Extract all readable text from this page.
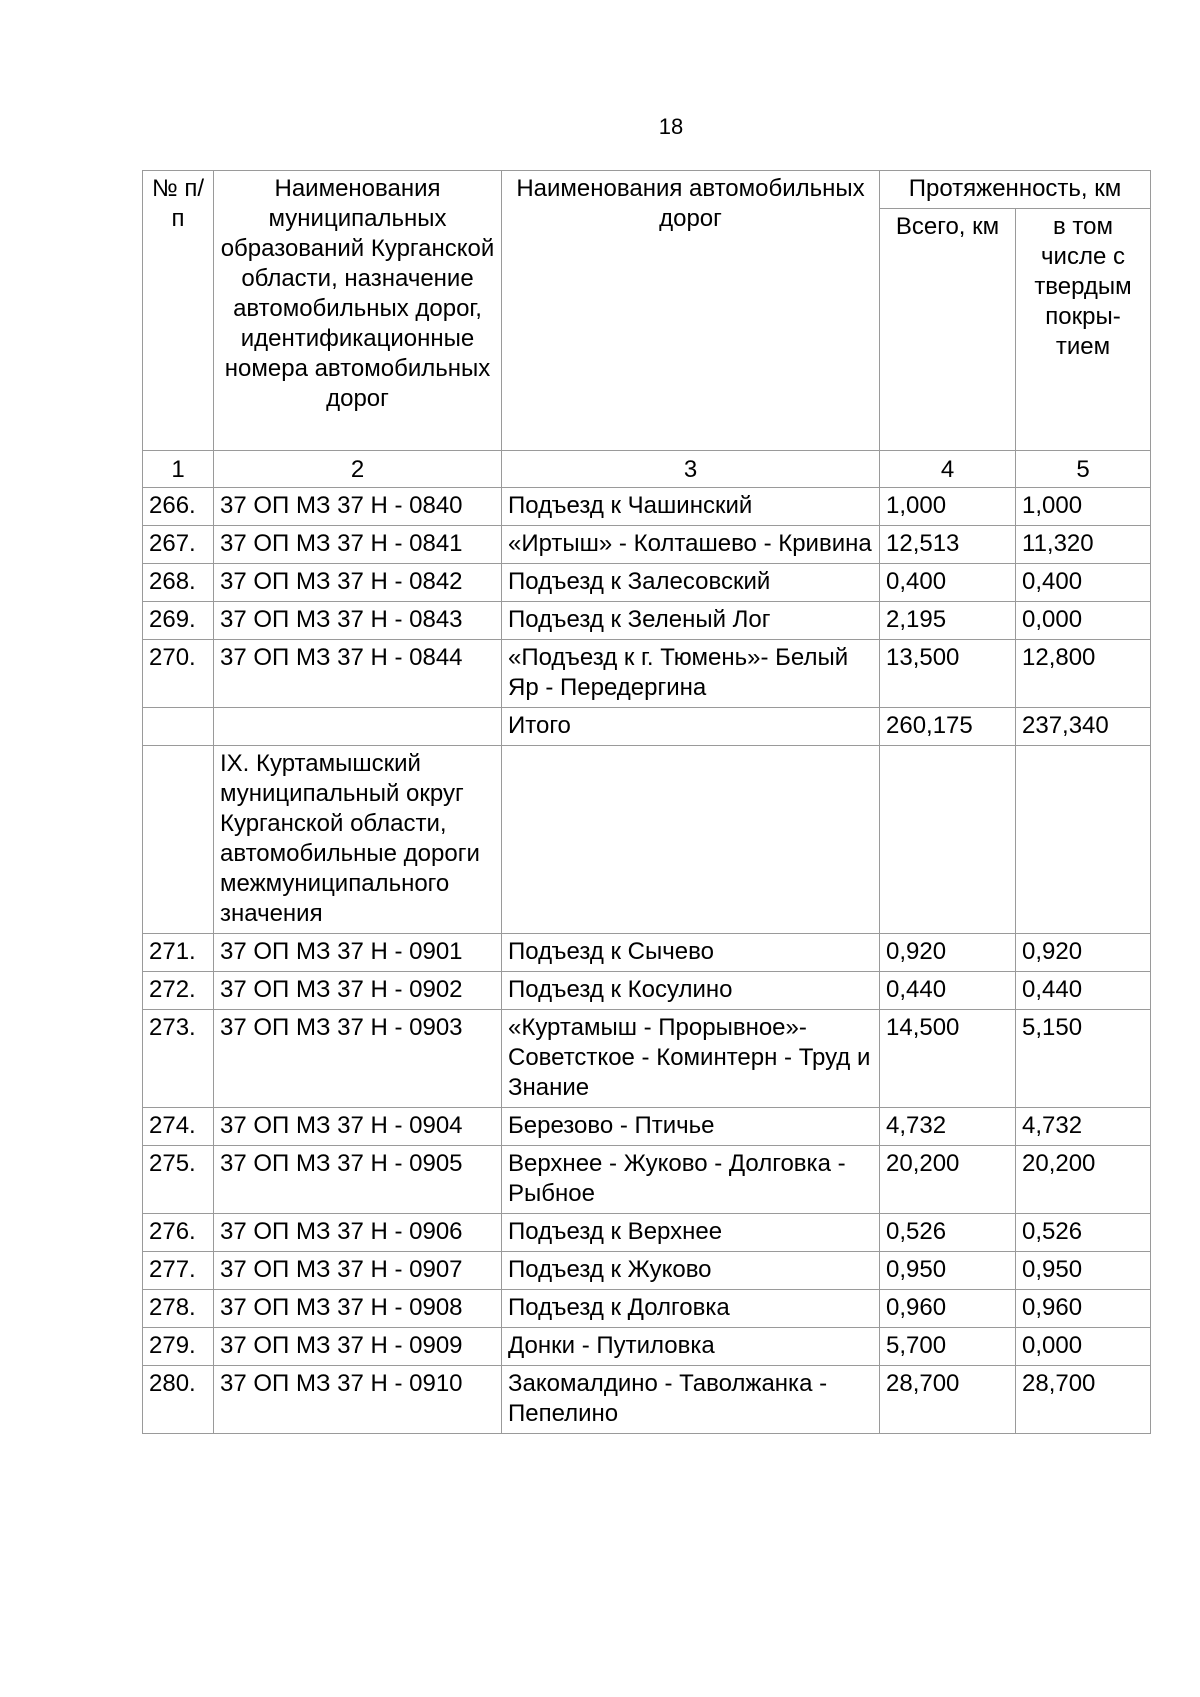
18
№ п/п	Наименования муниципальных образований Курганской области, назначение автомобильных дорог, идентификационные номера автомобильных дорог	Наименования автомобильных дорог	Протяженность, км	
			Всего, км	в том числе с твердым покры-тием
1	2	3	4	5
266.	37 ОП МЗ 37 Н - 0840	Подъезд к Чашинский	1,000	1,000
267.	37 ОП МЗ 37 Н - 0841	«Иртыш» - Колташево - Кривина	12,513	11,320
268.	37 ОП МЗ 37 Н - 0842	Подъезд к Залесовский	0,400	0,400
269.	37 ОП МЗ 37 Н - 0843	Подъезд к Зеленый Лог	2,195	0,000
270.	37 ОП МЗ 37 Н - 0844	«Подъезд к г. Тюмень»- Белый Яр - Передергина	13,500	12,800
		Итого	260,175	237,340
	IX. Куртамышский муниципальный округ Курганской области, автомобильные дороги межмуниципального значения			
271.	37 ОП МЗ 37 Н - 0901	Подъезд к Сычево	0,920	0,920
272.	37 ОП МЗ 37 Н - 0902	Подъезд к Косулино	0,440	0,440
273.	37 ОП МЗ 37 Н - 0903	«Куртамыш - Прорывное»- Советсткое - Коминтерн - Труд и Знание	14,500	5,150
274.	37 ОП МЗ 37 Н - 0904	Березово - Птичье	4,732	4,732
275.	37 ОП МЗ 37 Н - 0905	Верхнее - Жуково - Долговка - Рыбное	20,200	20,200
276.	37 ОП МЗ 37 Н - 0906	Подъезд к Верхнее	0,526	0,526
277.	37 ОП МЗ 37 Н - 0907	Подъезд к Жуково	0,950	0,950
278.	37 ОП МЗ 37 Н - 0908	Подъезд к Долговка	0,960	0,960
279.	37 ОП МЗ 37 Н - 0909	Донки - Путиловка	5,700	0,000
280.	37 ОП МЗ 37 Н - 0910	Закомалдино - Таволжанка - Пепелино	28,700	28,700
